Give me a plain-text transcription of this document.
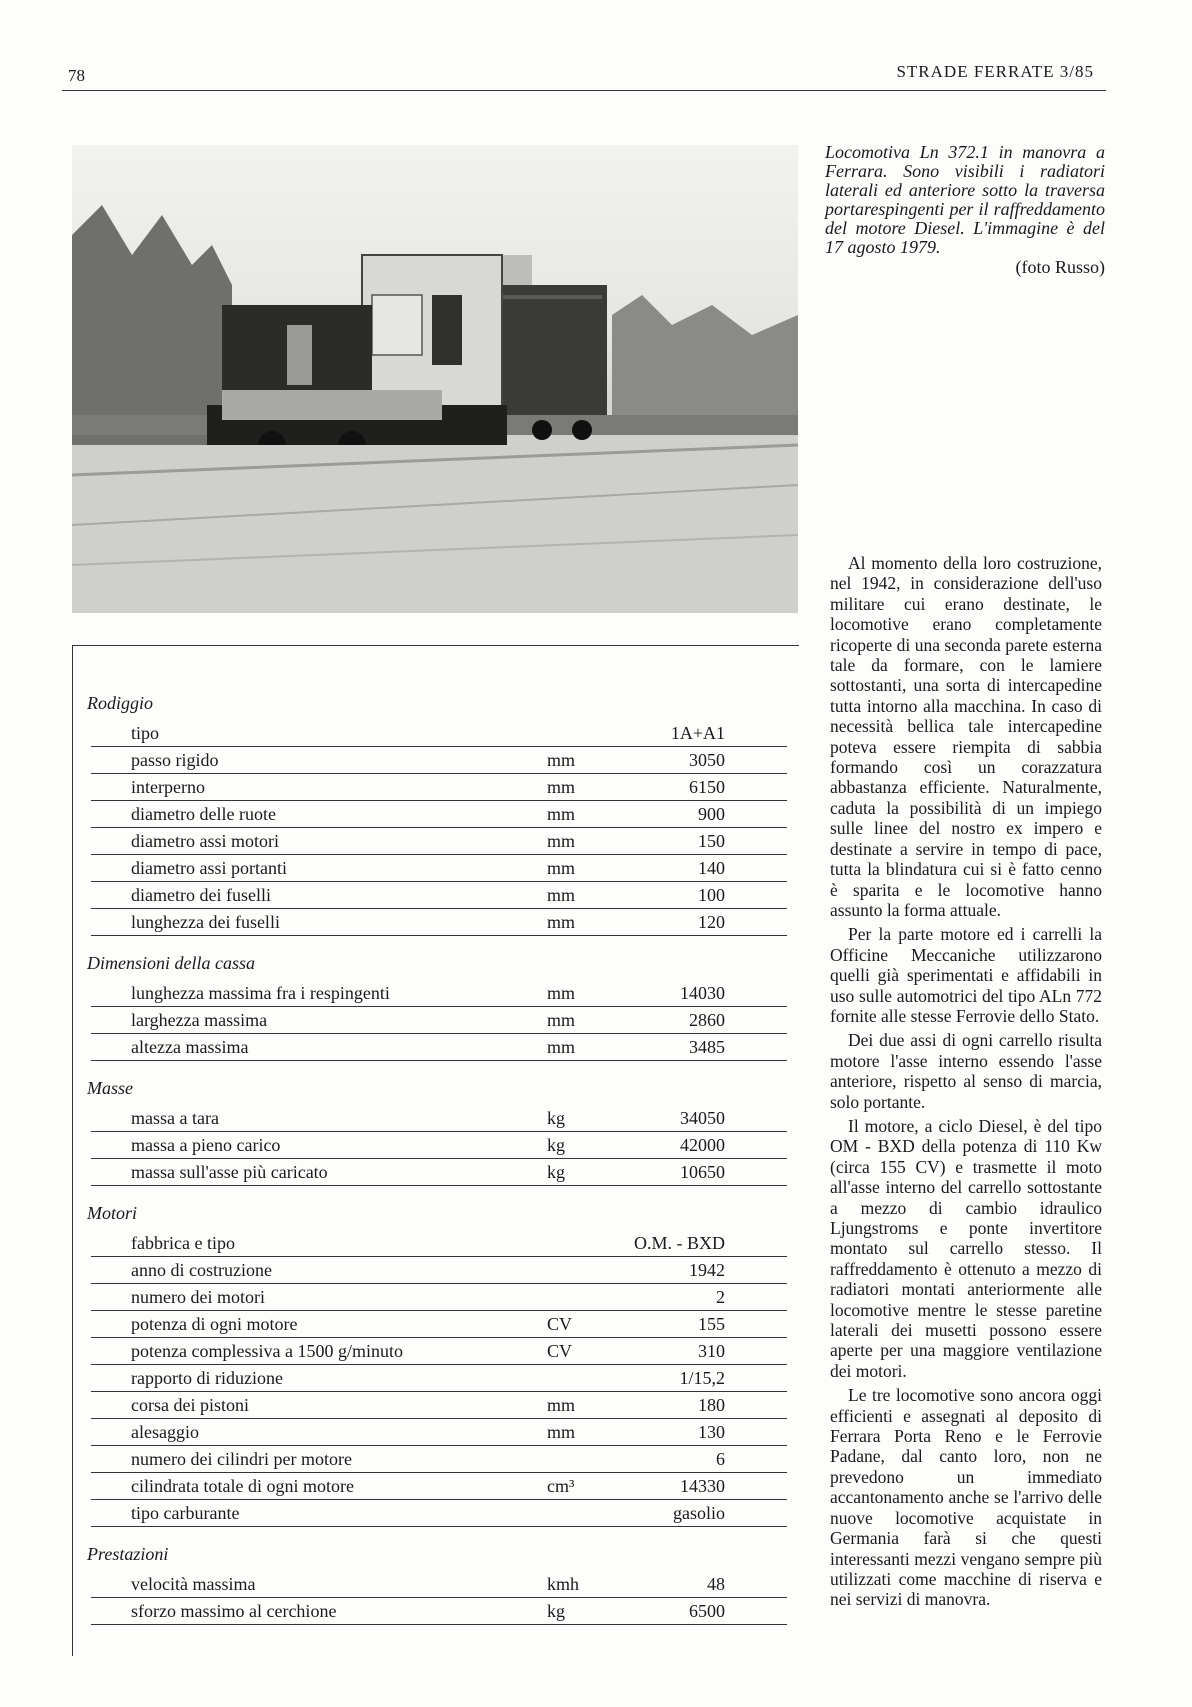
78	STRADE FERRATE 3/85
Locomotiva Ln 372.1 in manovra a Ferrara. Sono visibili i radiatori laterali ed anteriore sotto la traversa portarespingenti per il raffreddamento del motore Diesel. L'immagine è del 17 agosto 1979.
(foto Russo)
Rodiggio
tipo	1A+A1
passo rigido	mm	3050
interperno	mm	6150
diametro delle ruote	mm	900
diametro assi motori	mm	150
diametro assi portanti	mm	140
diametro dei fuselli	mm	100
lunghezza dei fuselli	mm	120
Dimensioni della cassa
lunghezza massima fra i respingenti	mm	14030
larghezza massima	mm	2860
altezza massima	mm	3485
Masse
massa a tara	kg	34050
massa a pieno carico	kg	42000
massa sull'asse più caricato	kg	10650
Motori
fabbrica e tipo	O.M. - BXD
anno di costruzione	1942
numero dei motori	2
potenza di ogni motore	CV	155
potenza complessiva a 1500 g/minuto	CV	310
rapporto di riduzione	1/15,2
corsa dei pistoni	mm	180
alesaggio	mm	130
numero dei cilindri per motore	6
cilindrata totale di ogni motore	cm³	14330
tipo carburante	gasolio
Prestazioni
velocità massima	kmh	48
sforzo massimo al cerchione	kg	6500

Al momento della loro costruzione, nel 1942, in considerazione dell'uso militare cui erano destinate, le locomotive erano completamente ricoperte di una seconda parete esterna tale da formare, con le lamiere sottostanti, una sorta di intercapedine tutta intorno alla macchina. In caso di necessità bellica tale intercapedine poteva essere riempita di sabbia formando così un corazzatura abbastanza efficiente. Naturalmente, caduta la possibilità di un impiego sulle linee del nostro ex impero e destinate a servire in tempo di pace, tutta la blindatura cui si è fatto cenno è sparita e le locomotive hanno assunto la forma attuale.

Per la parte motore ed i carrelli la Officine Meccaniche utilizzarono quelli già sperimentati e affidabili in uso sulle automotrici del tipo ALn 772 fornite alle stesse Ferrovie dello Stato.

Dei due assi di ogni carrello risulta motore l'asse interno essendo l'asse anteriore, rispetto al senso di marcia, solo portante.

Il motore, a ciclo Diesel, è del tipo OM - BXD della potenza di 110 Kw (circa 155 CV) e trasmette il moto all'asse interno del carrello sottostante a mezzo di cambio idraulico Ljungstroms e ponte invertitore montato sul carrello stesso. Il raffreddamento è ottenuto a mezzo di radiatori montati anteriormente alle locomotive mentre le stesse paretine laterali dei musetti possono essere aperte per una maggiore ventilazione dei motori.

Le tre locomotive sono ancora oggi efficienti e assegnati al deposito di Ferrara Porta Reno e le Ferrovie Padane, dal canto loro, non ne prevedono un immediato accantonamento anche se l'arrivo delle nuove locomotive acquistate in Germania farà si che questi interessanti mezzi vengano sempre più utilizzati come macchine di riserva e nei servizi di manovra.
